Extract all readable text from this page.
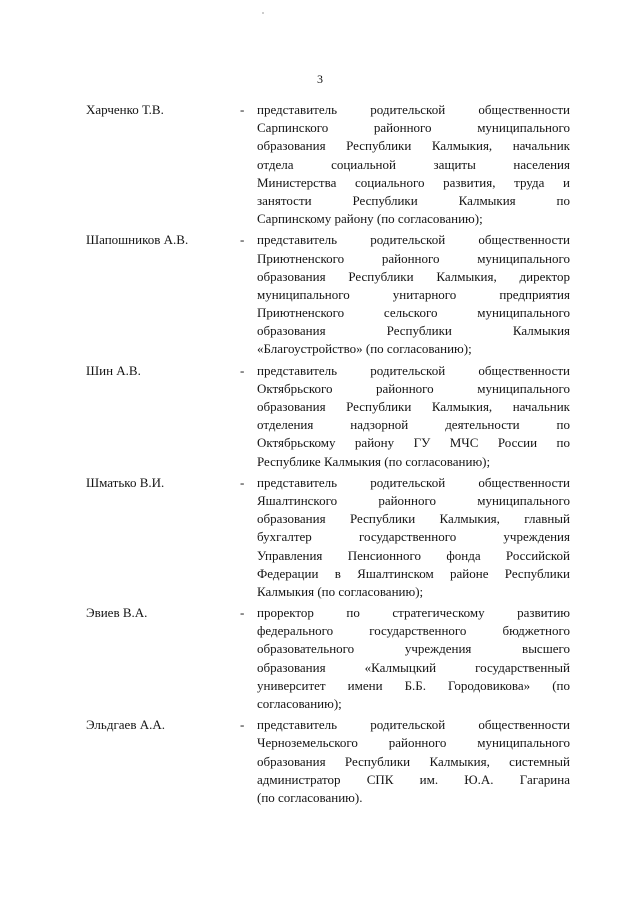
3
Харченко Т.В.	- представитель родительской общественности
Сарпинского районного муниципального
образования Республики Калмыкия, начальник
отдела социальной защиты населения
Министерства социального развития, труда и
занятости Республики Калмыкия по
Сарпинскому району (по согласованию);
Шапошников А.В.	- представитель родительской общественности
Приютненского районного муниципального
образования Республики Калмыкия, директор
муниципального унитарного предприятия
Приютненского сельского муниципального
образования Республики Калмыкия
«Благоустройство» (по согласованию);
Шин А.В.	- представитель родительской общественности
Октябрьского районного муниципального
образования Республики Калмыкия, начальник
отделения надзорной деятельности по
Октябрьскому району ГУ МЧС России по
Республике Калмыкия (по согласованию);
Шматько В.И.	- представитель родительской общественности
Яшалтинского районного муниципального
образования Республики Калмыкия, главный
бухгалтер государственного учреждения
Управления Пенсионного фонда Российской
Федерации в Яшалтинском районе Республики
Калмыкия (по согласованию);
Эвиев В.А.	- проректор по стратегическому развитию
федерального государственного бюджетного
образовательного учреждения высшего
образования «Калмыцкий государственный
университет имени Б.Б. Городовикова» (по
согласованию);
Эльдгаев А.А.	- представитель родительской общественности
Черноземельского районного муниципального
образования Республики Калмыкия, системный
администратор СПК им. Ю.А. Гагарина
(по согласованию).
